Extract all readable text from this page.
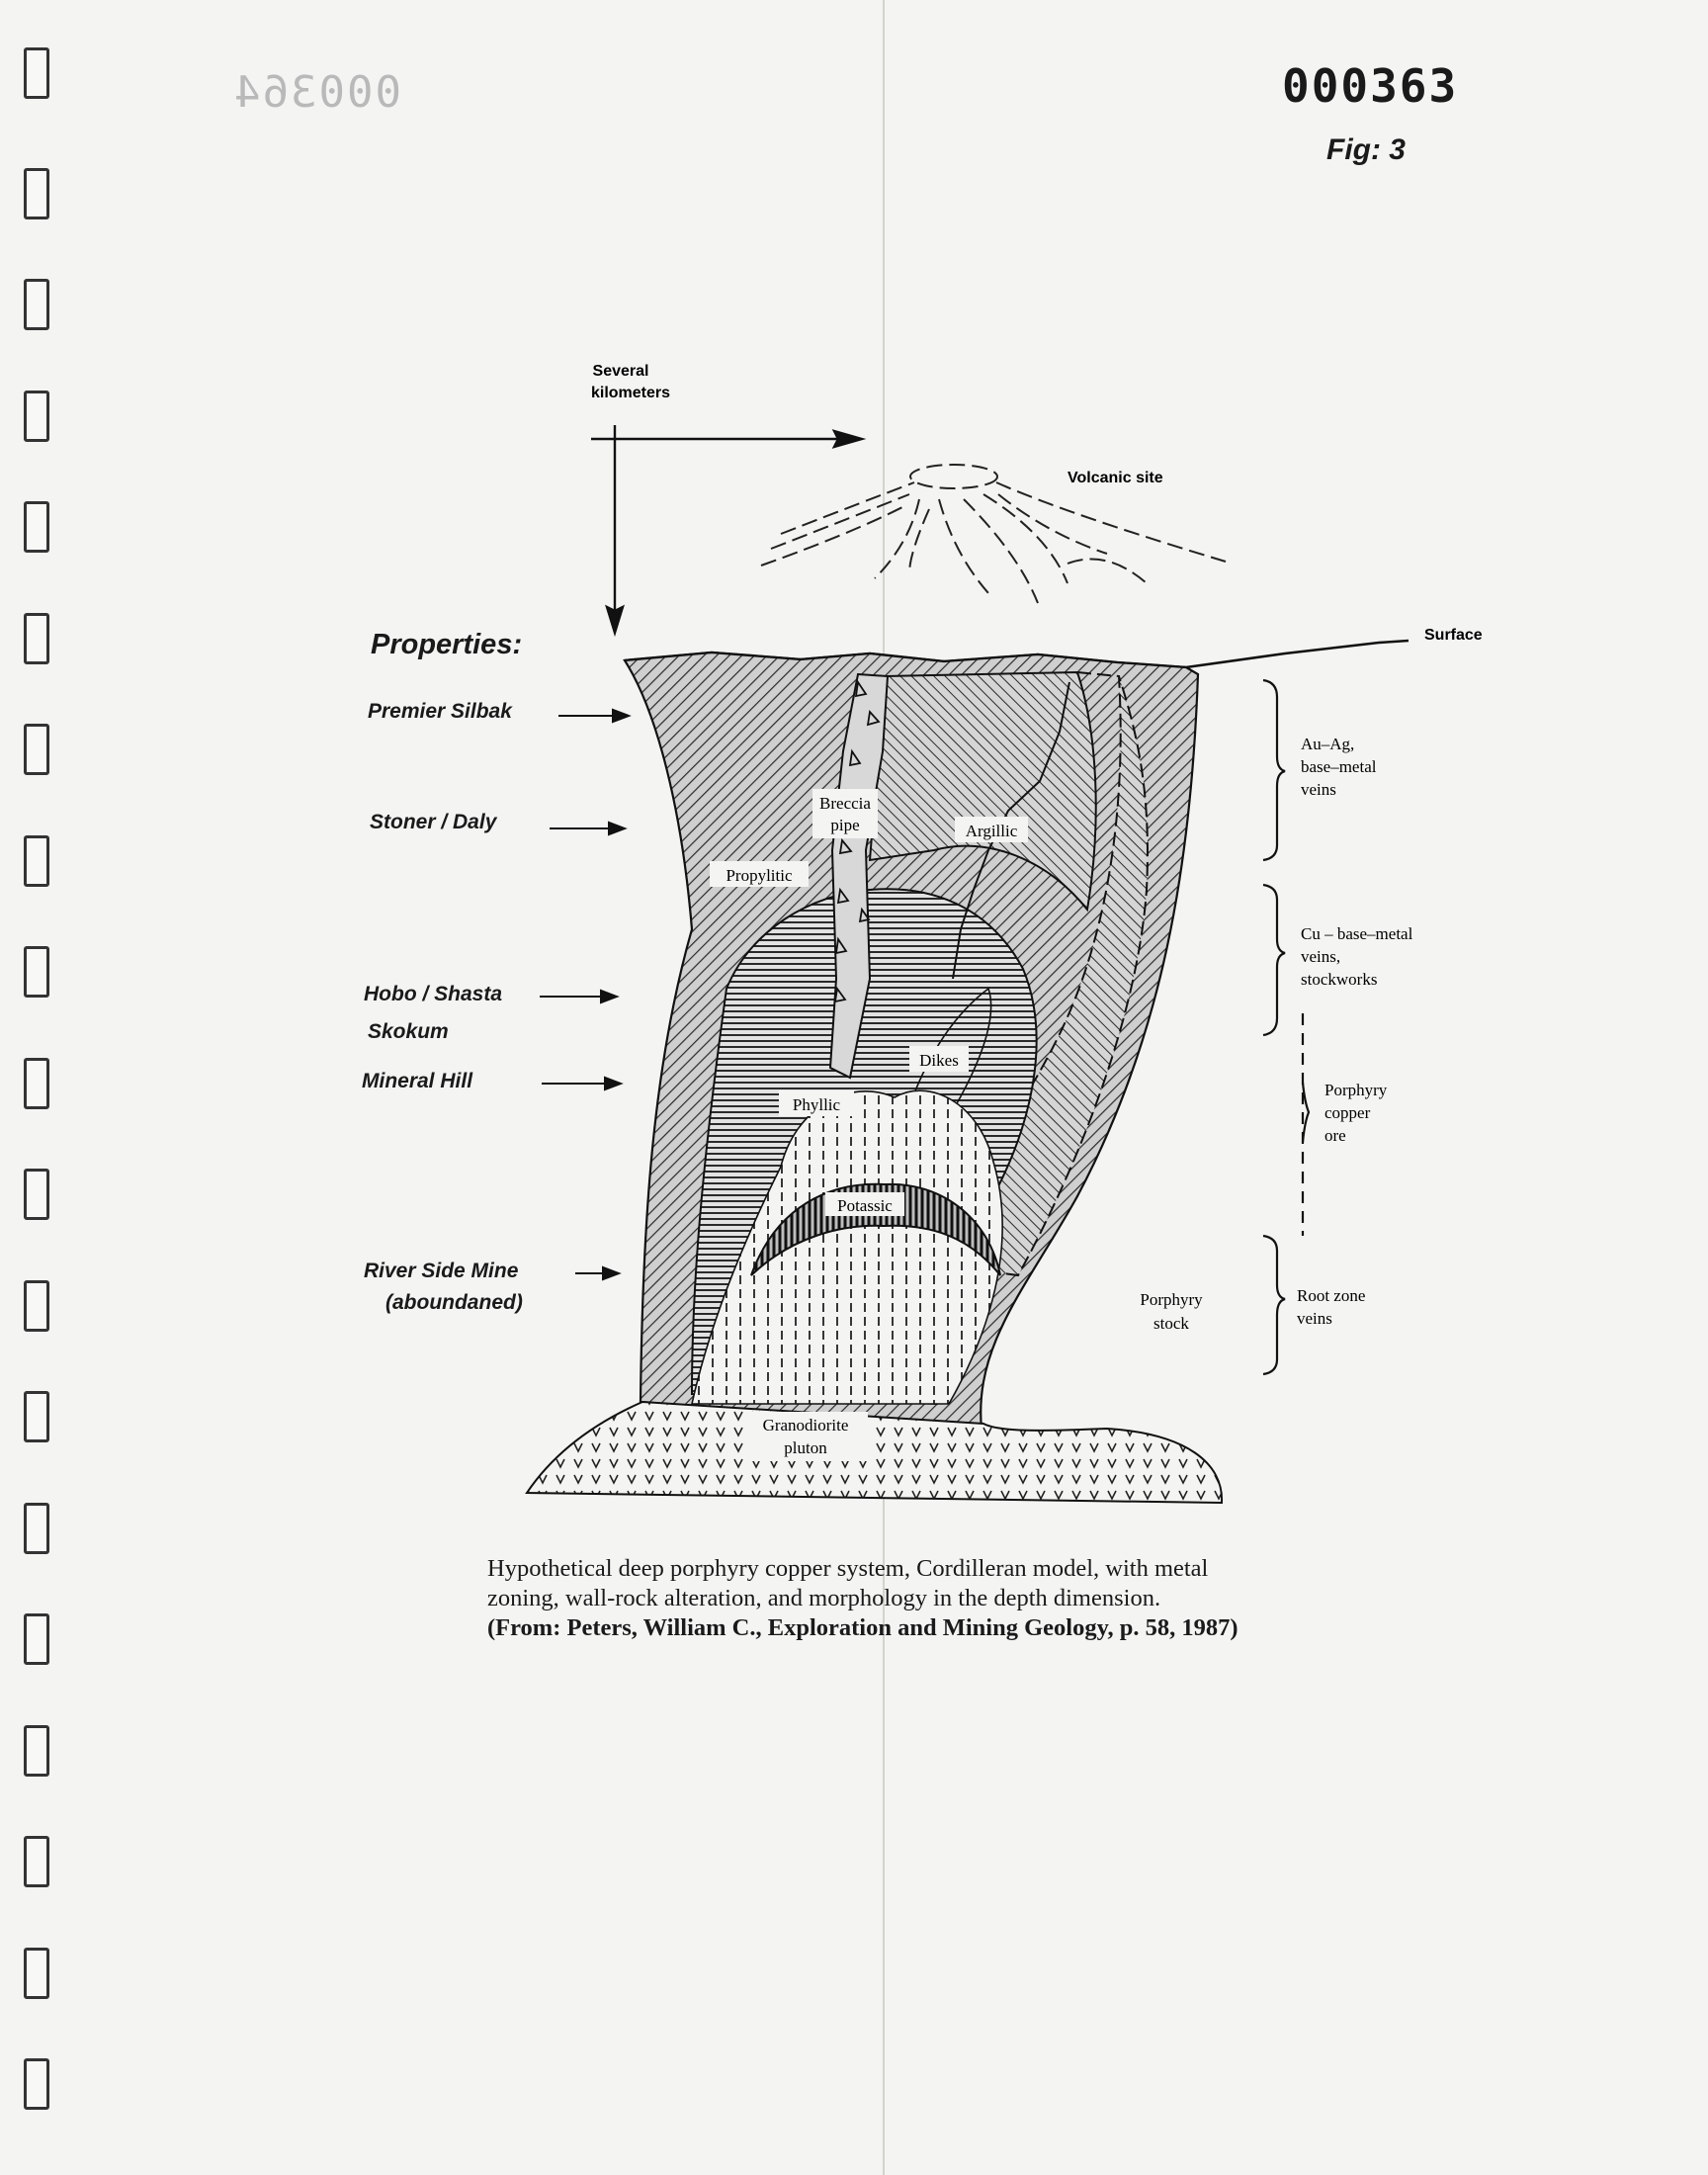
000364	000363
Fig: 3
Several
kilometers
Volcanic site
Surface
Breccia
pipe	Argillic
Propylitic
Dikes
Phyllic
Potassic
Granodiorite
pluton
Porphyry
stock
Au–Ag,
base–metal
veins
Cu – base–metal
veins,
stockworks
Porphyry
copper
ore
Root zone
veins
Properties:
Premier Silbak
Stoner / Daly
Hobo / Shasta
Skokum
Mineral Hill
River Side Mine
(aboundaned)
Hypothetical deep porphyry copper system, Cordilleran model, with metal
zoning, wall-rock alteration, and morphology in the depth dimension.
(From: Peters, William C., Exploration and Mining Geology, p. 58, 1987)
